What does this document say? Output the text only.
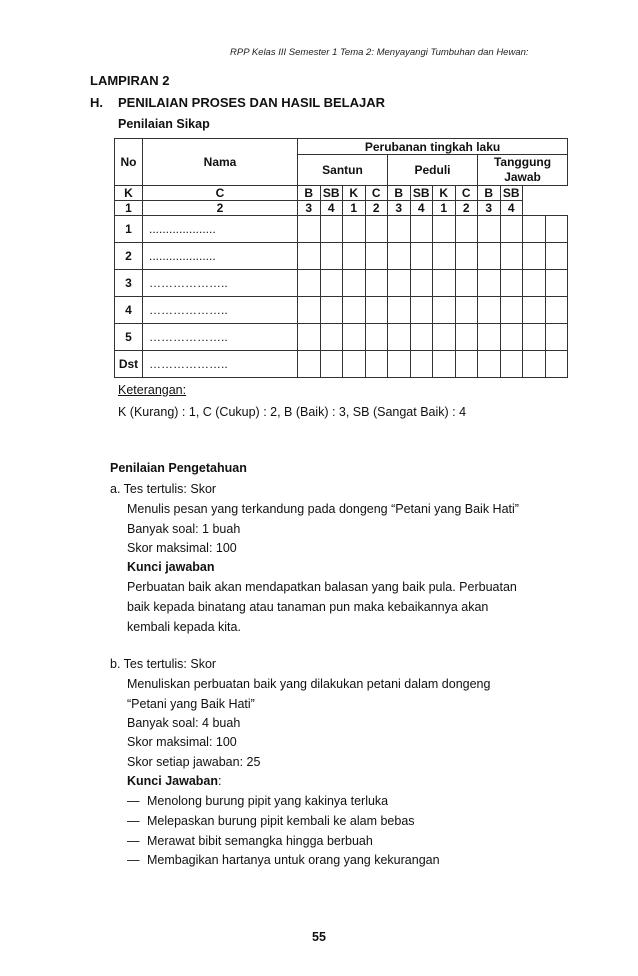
RPP Kelas III Semester 1 Tema 2: Menyayangi Tumbuhan dan Hewan:
LAMPIRAN 2
H. PENILAIAN PROSES DAN HASIL BELAJAR
Penilaian Sikap
No	Nama	Perubanan tingkah laku											
		Santun				Peduli				Tanggung Jawab			
K	C	B	SB	K	C	B	SB	K	C	B	SB		
1	2	3	4	1	2	3	4	1	2	3	4		
1	....................												
2	....................												
3	………………..												
4	………………..												
5	………………..												
Dst	………………..												
Keterangan:
K (Kurang) : 1, C (Cukup) : 2, B (Baik) : 3, SB (Sangat Baik) : 4
Penilaian Pengetahuan
a. Tes tertulis: Skor
Menulis pesan yang terkandung pada dongeng “Petani yang Baik Hati”
Banyak soal: 1 buah
Skor maksimal: 100
Kunci jawaban
Perbuatan baik akan mendapatkan balasan yang baik pula. Perbuatan
baik kepada binatang atau tanaman pun maka kebaikannya akan
kembali kepada kita.
b. Tes tertulis: Skor
Menuliskan perbuatan baik yang dilakukan petani dalam dongeng
“Petani yang Baik Hati”
Banyak soal: 4 buah
Skor maksimal: 100
Skor setiap jawaban: 25
Kunci Jawaban:
— Menolong burung pipit yang kakinya terluka
— Melepaskan burung pipit kembali ke alam bebas
— Merawat bibit semangka hingga berbuah
— Membagikan hartanya untuk orang yang kekurangan
55
